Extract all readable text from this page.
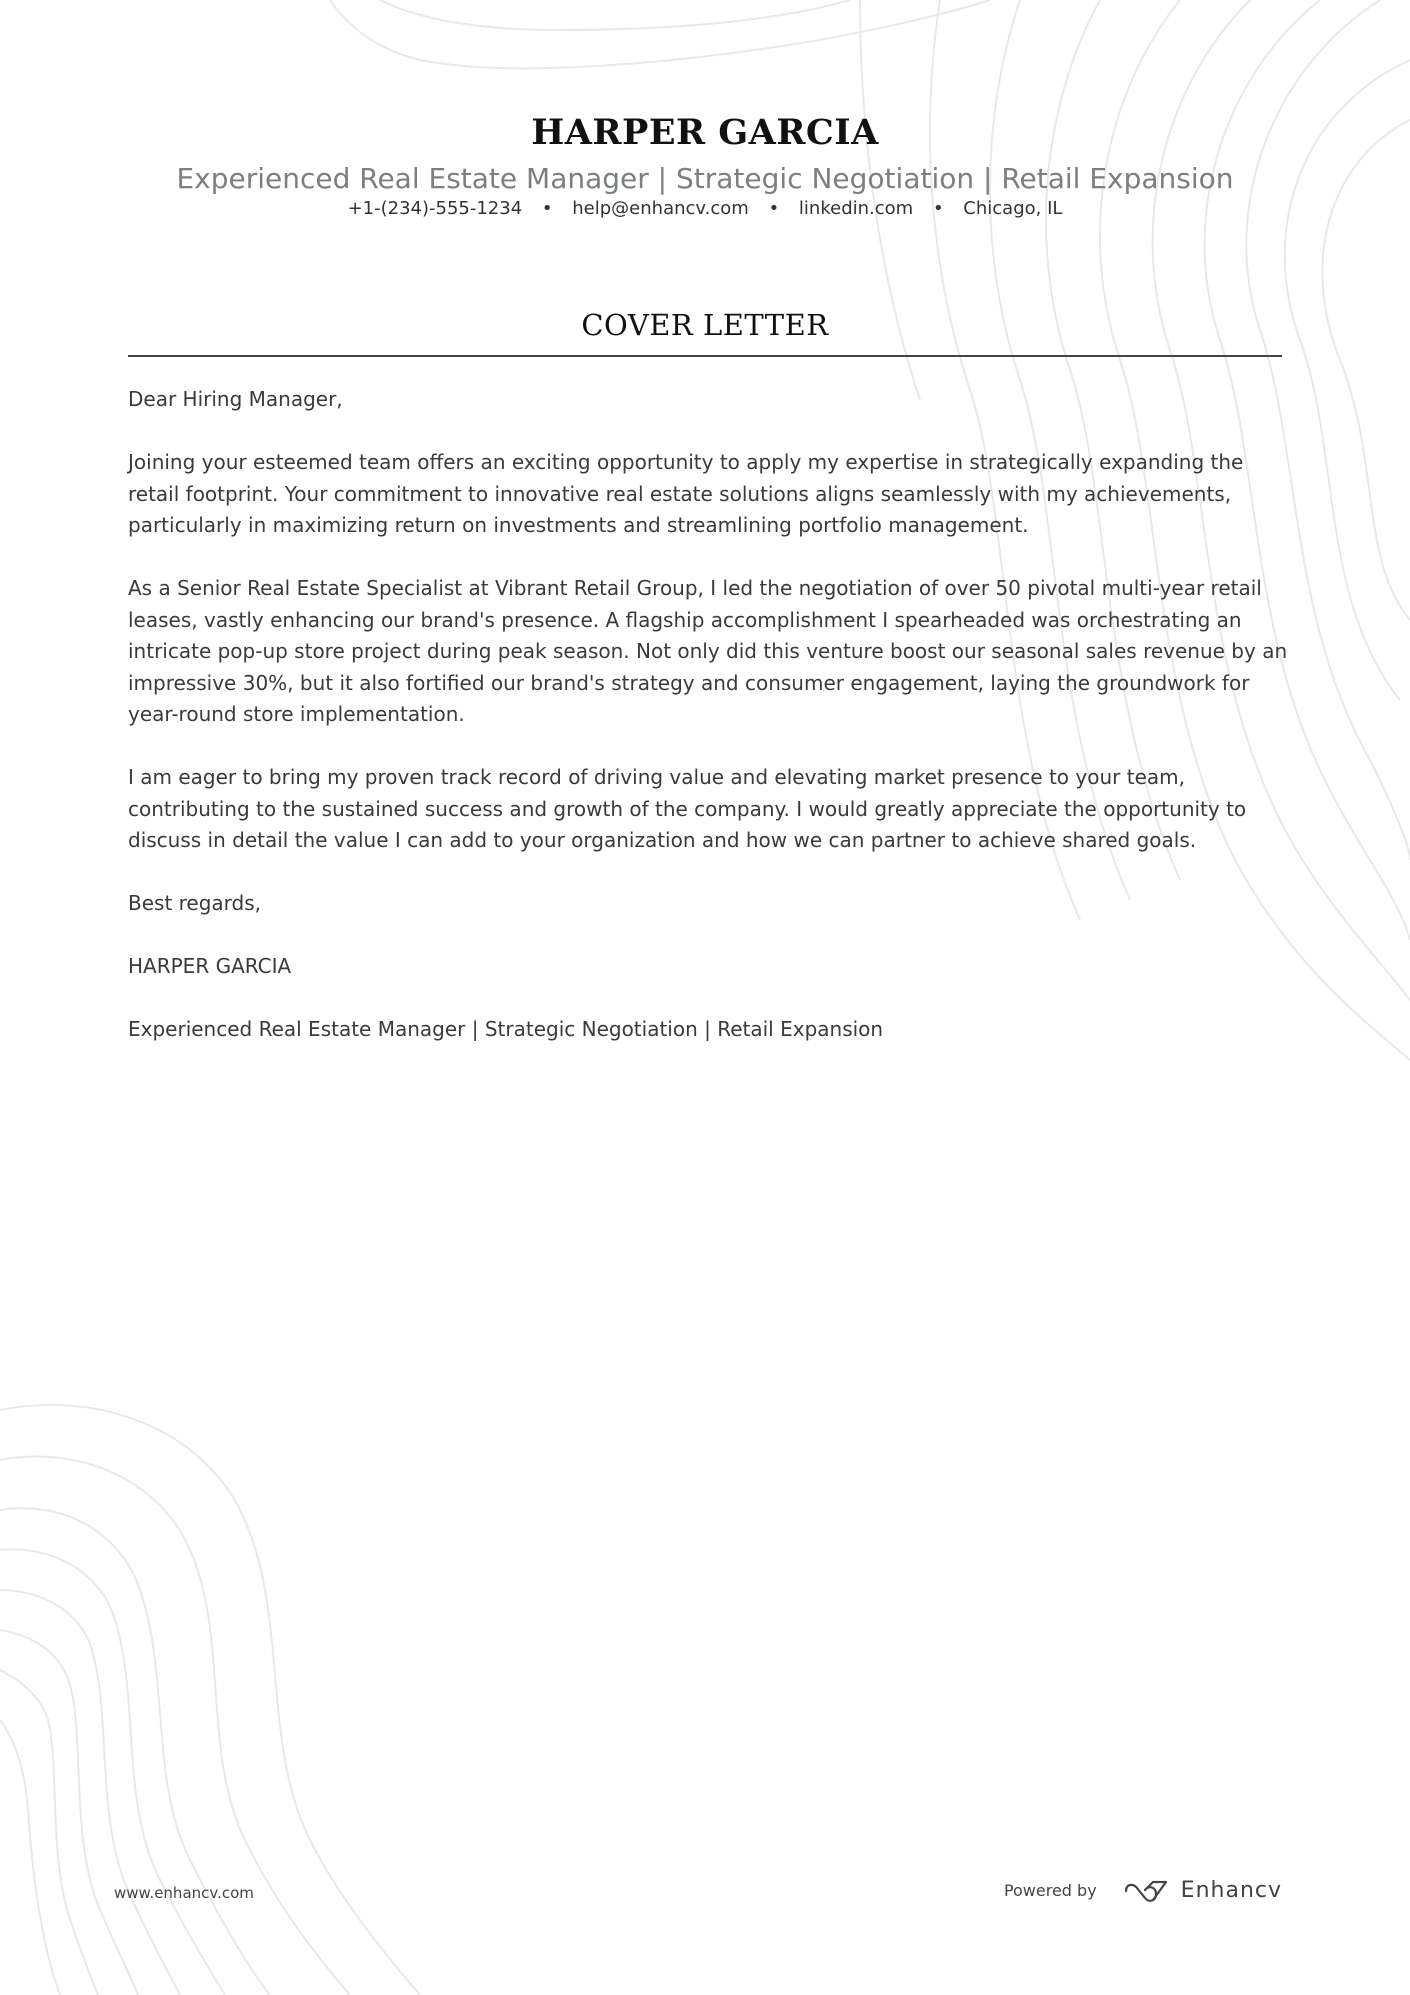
HARPER GARCIA
Experienced Real Estate Manager | Strategic Negotiation | Retail Expansion
+1-(234)-555-1234 • help@enhancv.com • linkedin.com • Chicago, IL
COVER LETTER

Dear Hiring Manager,

Joining your esteemed team offers an exciting opportunity to apply my expertise in strategically expanding the retail footprint. Your commitment to innovative real estate solutions aligns seamlessly with my achievements, particularly in maximizing return on investments and streamlining portfolio management.

As a Senior Real Estate Specialist at Vibrant Retail Group, I led the negotiation of over 50 pivotal multi-year retail leases, vastly enhancing our brand's presence. A flagship accomplishment I spearheaded was orchestrating an intricate pop-up store project during peak season. Not only did this venture boost our seasonal sales revenue by an impressive 30%, but it also fortified our brand's strategy and consumer engagement, laying the groundwork for year-round store implementation.

I am eager to bring my proven track record of driving value and elevating market presence to your team, contributing to the sustained success and growth of the company. I would greatly appreciate the opportunity to discuss in detail the value I can add to your organization and how we can partner to achieve shared goals.

Best regards,

HARPER GARCIA

Experienced Real Estate Manager | Strategic Negotiation | Retail Expansion

www.enhancv.com	Powered by	Enhancv
